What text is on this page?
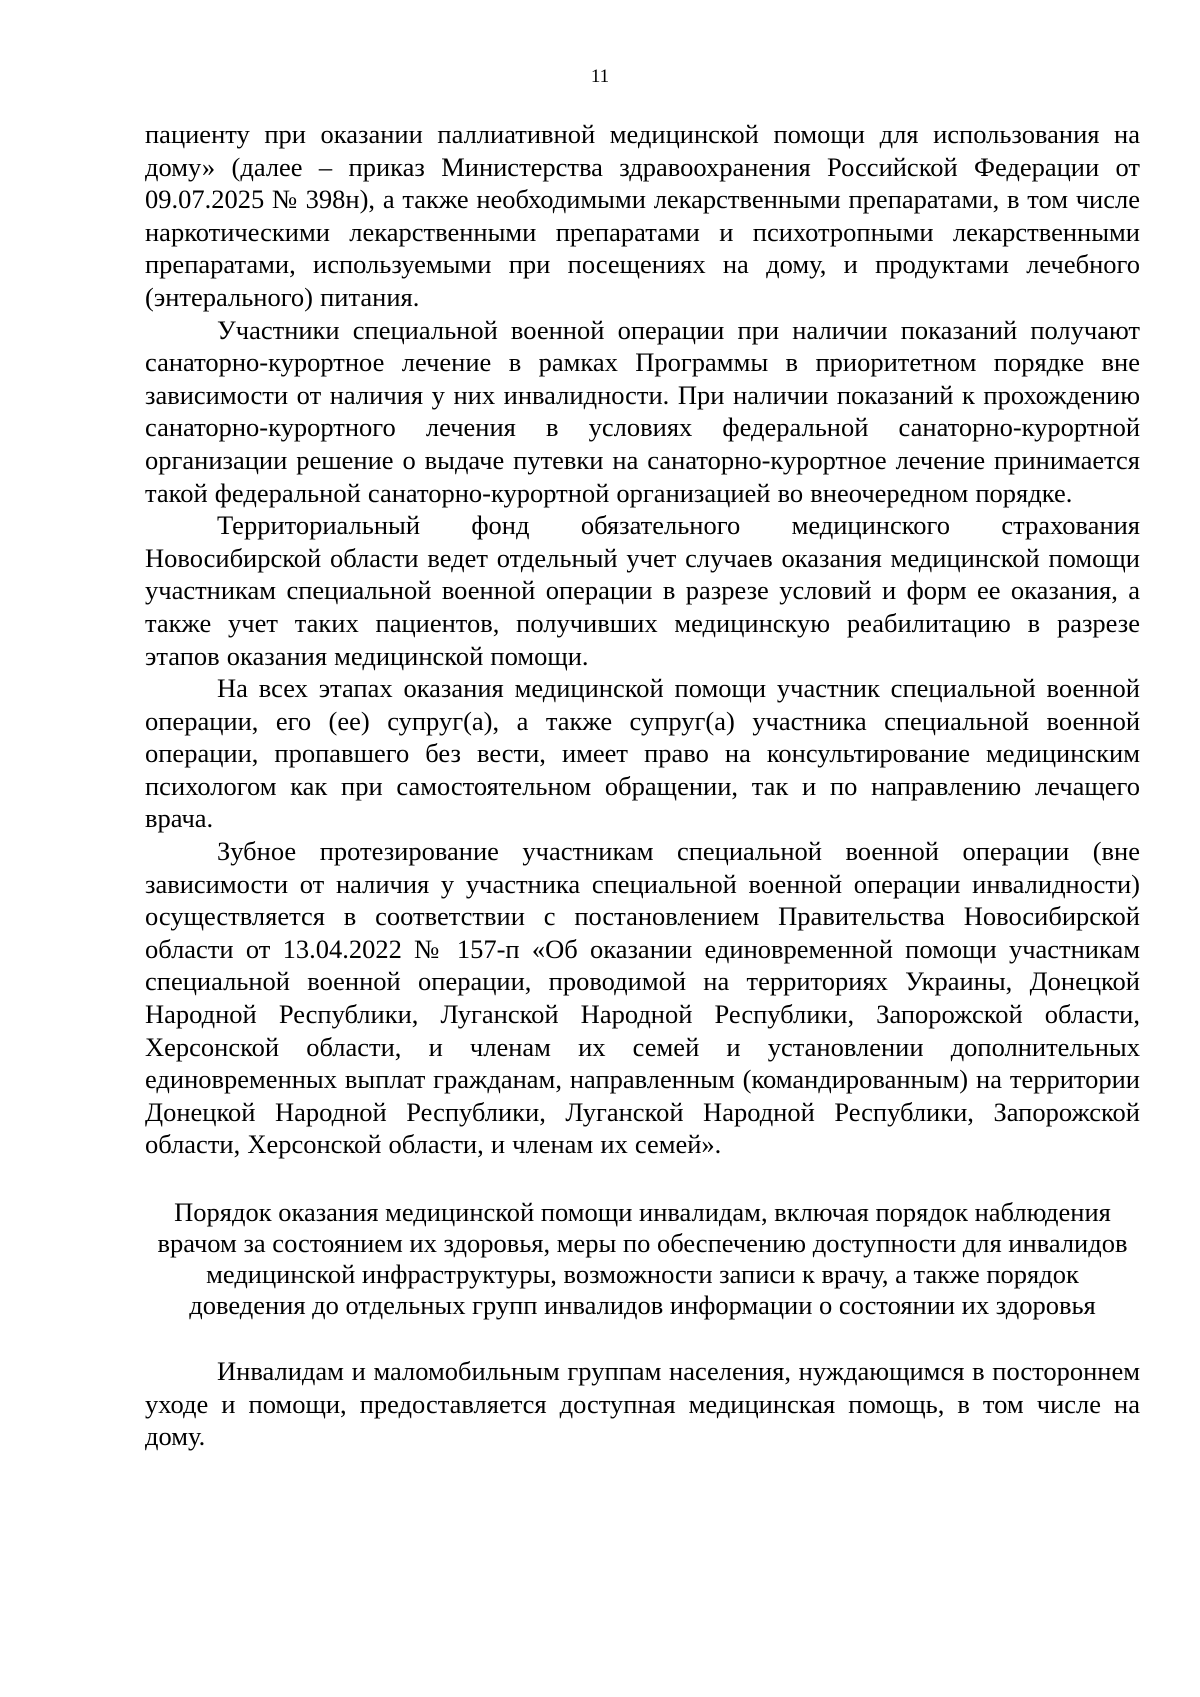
11

пациенту при оказании паллиативной медицинской помощи для использования на дому» (далее – приказ Министерства здравоохранения Российской Федерации от 09.07.2025 № 398н), а также необходимыми лекарственными препаратами, в том числе наркотическими лекарственными препаратами и психотропными лекарственными препаратами, используемыми при посещениях на дому, и продуктами лечебного (энтерального) питания.

Участники специальной военной операции при наличии показаний получают санаторно-курортное лечение в рамках Программы в приоритетном порядке вне зависимости от наличия у них инвалидности. При наличии показаний к прохождению санаторно-курортного лечения в условиях федеральной санаторно-курортной организации решение о выдаче путевки на санаторно-курортное лечение принимается такой федеральной санаторно-курортной организацией во внеочередном порядке.

Территориальный фонд обязательного медицинского страхования Новосибирской области ведет отдельный учет случаев оказания медицинской помощи участникам специальной военной операции в разрезе условий и форм ее оказания, а также учет таких пациентов, получивших медицинскую реабилитацию в разрезе этапов оказания медицинской помощи.

На всех этапах оказания медицинской помощи участник специальной военной операции, его (ее) супруг(а), а также супруг(а) участника специальной военной операции, пропавшего без вести, имеет право на консультирование медицинским психологом как при самостоятельном обращении, так и по направлению лечащего врача.

Зубное протезирование участникам специальной военной операции (вне зависимости от наличия у участника специальной военной операции инвалидности) осуществляется в соответствии с постановлением Правительства Новосибирской области от 13.04.2022 № 157-п «Об оказании единовременной помощи участникам специальной военной операции, проводимой на территориях Украины, Донецкой Народной Республики, Луганской Народной Республики, Запорожской области, Херсонской области, и членам их семей и установлении дополнительных единовременных выплат гражданам, направленным (командированным) на территории Донецкой Народной Республики, Луганской Народной Республики, Запорожской области, Херсонской области, и членам их семей».

Порядок оказания медицинской помощи инвалидам, включая порядок наблюдения врачом за состоянием их здоровья, меры по обеспечению доступности для инвалидов медицинской инфраструктуры, возможности записи к врачу, а также порядок доведения до отдельных групп инвалидов информации о состоянии их здоровья

Инвалидам и маломобильным группам населения, нуждающимся в постороннем уходе и помощи, предоставляется доступная медицинская помощь, в том числе на дому.
